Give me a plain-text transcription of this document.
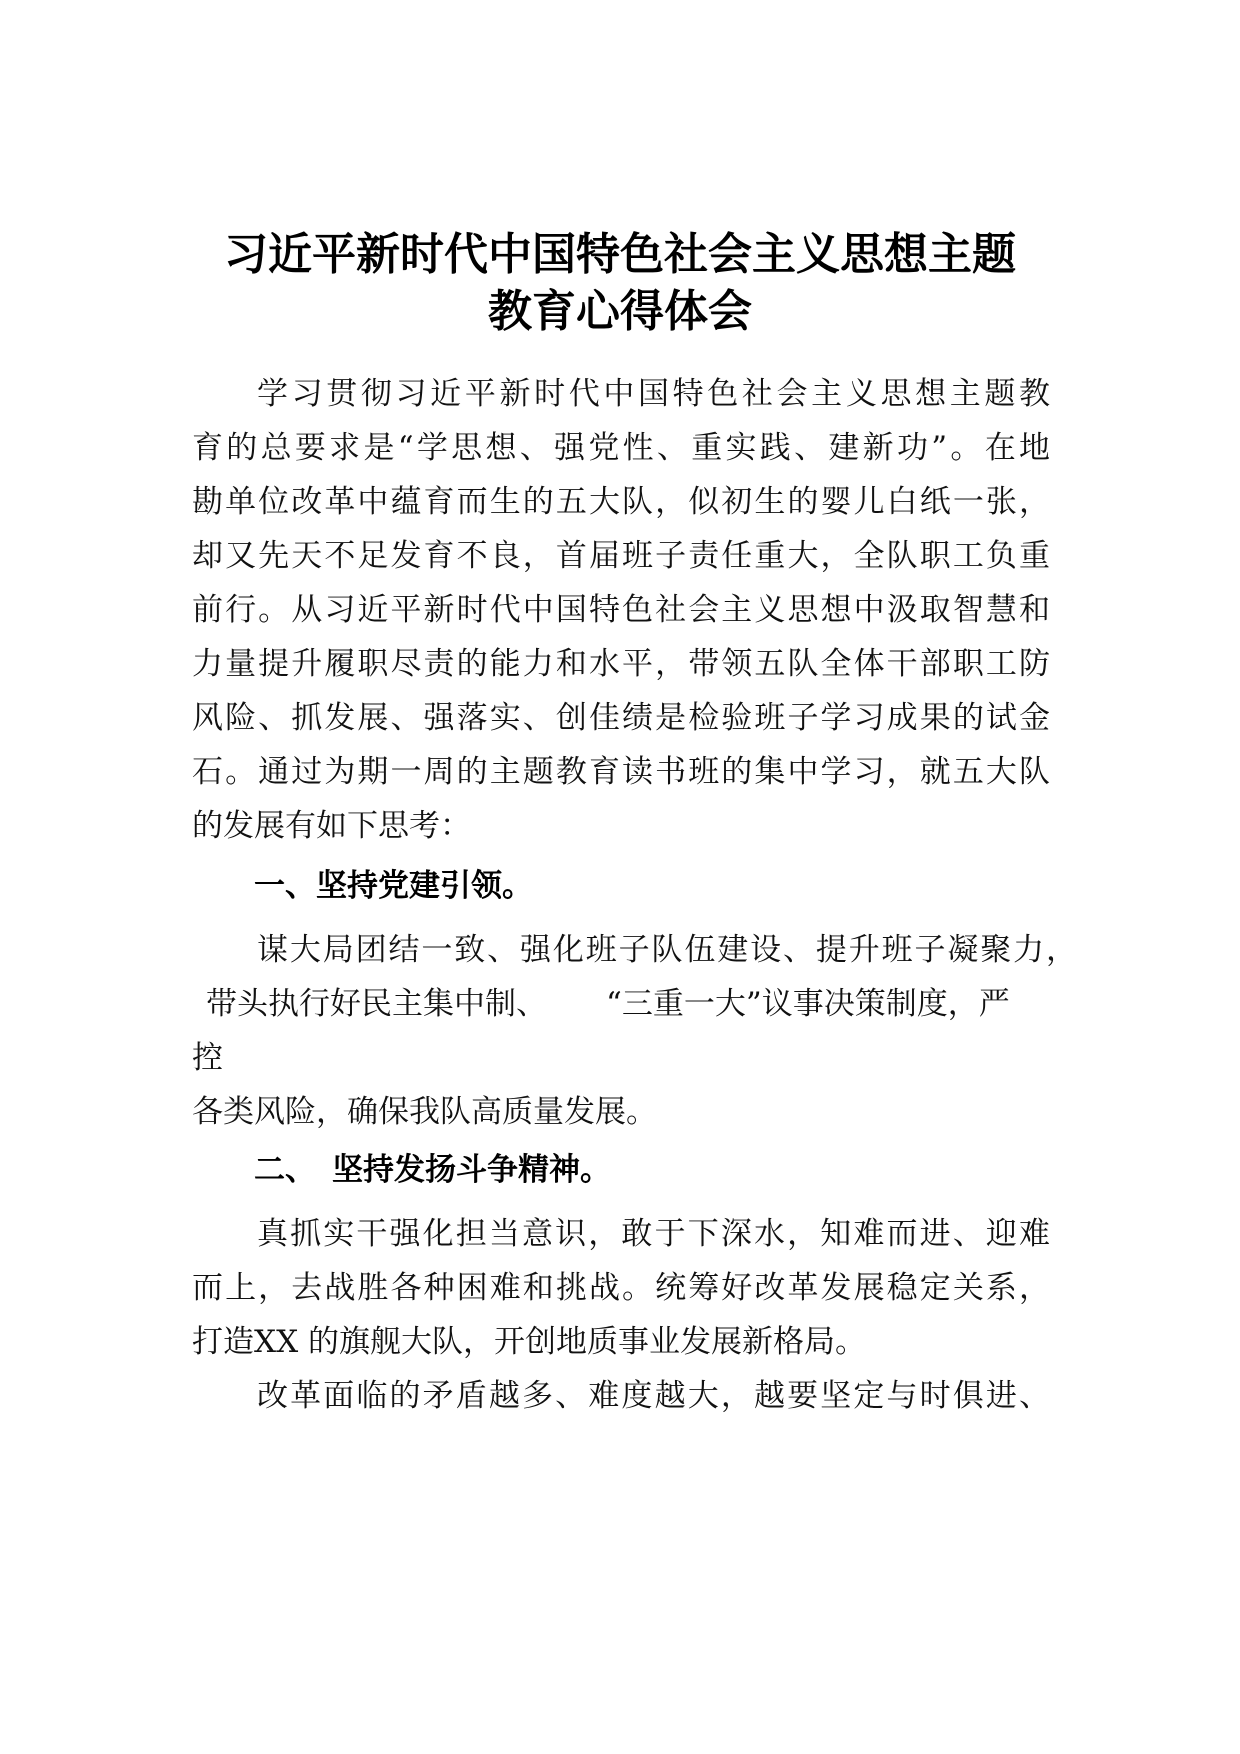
习近平新时代中国特色社会主义思想主题
教育心得体会
学习贯彻习近平新时代中国特色社会主义思想主题教
育的总要求是“学思想、强党性、重实践、建新功”。在地
勘单位改革中蕴育而生的五大队，似初生的婴儿白纸一张，
却又先天不足发育不良，首届班子责任重大，全队职工负重
前行。从习近平新时代中国特色社会主义思想中汲取智慧和
力量提升履职尽责的能力和水平，带领五队全体干部职工防
风险、抓发展、强落实、创佳绩是检验班子学习成果的试金
石。通过为期一周的主题教育读书班的集中学习，就五大队
的发展有如下思考：
一、坚持党建引领。
谋大局团结一致、强化班子队伍建设、提升班子凝聚力，
带头执行好民主集中制、 “三重一大”议事决策制度，严
控
各类风险，确保我队高质量发展。
二、 坚持发扬斗争精神。
真抓实干强化担当意识，敢于下深水，知难而进、迎难
而上，去战胜各种困难和挑战。统筹好改革发展稳定关系，
打造XX 的旗舰大队，开创地质事业发展新格局。
改革面临的矛盾越多、难度越大，越要坚定与时俱进、
